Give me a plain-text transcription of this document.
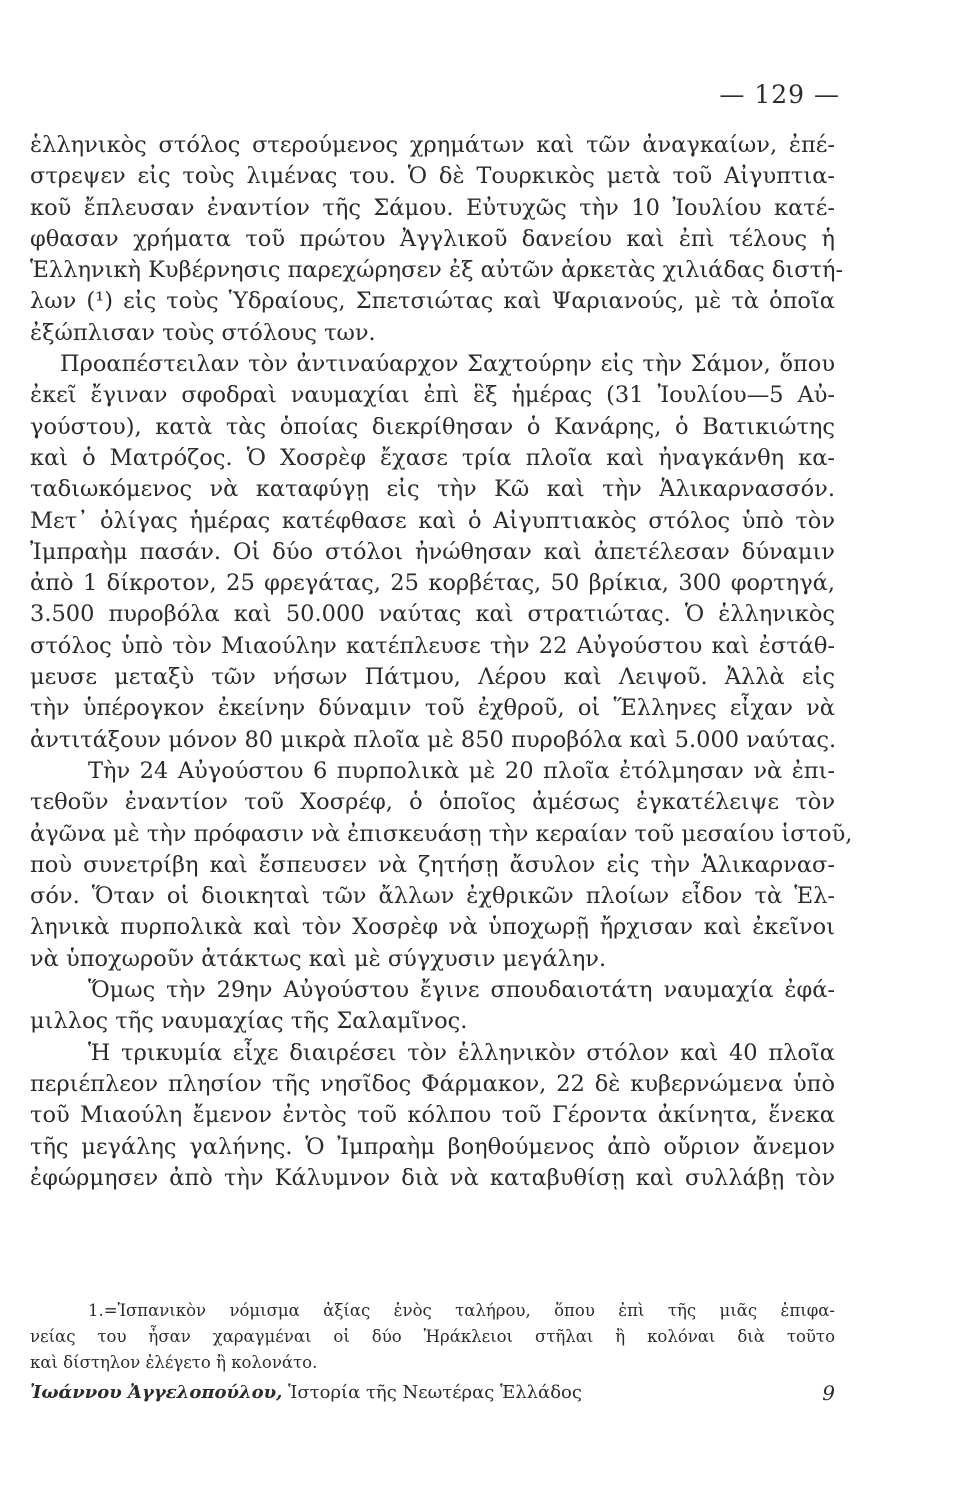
— 129 —
ἑλληνικὸς στόλος στερούμενος χρημάτων καὶ τῶν ἀναγκαίων, ἐπέ-
στρεψεν εἰς τοὺς λιμένας του. Ὁ δὲ Τουρκικὸς μετὰ τοῦ Αἰγυπτια-
κοῦ ἔπλευσαν ἐναντίον τῆς Σάμου. Εὐτυχῶς τὴν 10 Ἰουλίου κατέ-
φθασαν χρήματα τοῦ πρώτου Ἀγγλικοῦ δανείου καὶ ἐπὶ τέλους ἡ
Ἑλληνικὴ Κυβέρνησις παρεχώρησεν ἐξ αὐτῶν ἀρκετὰς χιλιάδας διστή-
λων (¹) εἰς τοὺς Ὑδραίους, Σπετσιώτας καὶ Ψαριανούς, μὲ τὰ ὁποῖα
ἐξώπλισαν τοὺς στόλους των.
Προαπέστειλαν τὸν ἀντιναύαρχον Σαχτούρην εἰς τὴν Σάμον, ὅπου
ἐκεῖ ἔγιναν σφοδραὶ ναυμαχίαι ἐπὶ ἓξ ἡμέρας (31 Ἰουλίου—5 Αὐ-
γούστου), κατὰ τὰς ὁποίας διεκρίθησαν ὁ Κανάρης, ὁ Βατικιώτης
καὶ ὁ Ματρόζος. Ὁ Χοσρὲφ ἔχασε τρία πλοῖα καὶ ἠναγκάνθη κα-
ταδιωκόμενος νὰ καταφύγῃ εἰς τὴν Κῶ καὶ τὴν Ἁλικαρνασσόν.
Μετ᾽ ὀλίγας ἡμέρας κατέφθασε καὶ ὁ Αἰγυπτιακὸς στόλος ὑπὸ τὸν
Ἰμπραὴμ πασάν. Οἱ δύο στόλοι ἠνώθησαν καὶ ἀπετέλεσαν δύναμιν
ἀπὸ 1 δίκροτον, 25 φρεγάτας, 25 κορβέτας, 50 βρίκια, 300 φορτηγά,
3.500 πυροβόλα καὶ 50.000 ναύτας καὶ στρατιώτας. Ὁ ἑλληνικὸς
στόλος ὑπὸ τὸν Μιαούλην κατέπλευσε τὴν 22 Αὐγούστου καὶ ἐστάθ-
μευσε μεταξὺ τῶν νήσων Πάτμου, Λέρου καὶ Λειψοῦ. Ἀλλὰ εἰς
τὴν ὑπέρογκον ἐκείνην δύναμιν τοῦ ἐχθροῦ, οἱ Ἕλληνες εἶχαν νὰ
ἀντιτάξουν μόνον 80 μικρὰ πλοῖα μὲ 850 πυροβόλα καὶ 5.000 ναύτας.
Τὴν 24 Αὐγούστου 6 πυρπολικὰ μὲ 20 πλοῖα ἐτόλμησαν νὰ ἐπι-
τεθοῦν ἐναντίον τοῦ Χοσρέφ, ὁ ὁποῖος ἀμέσως ἐγκατέλειψε τὸν
ἀγῶνα μὲ τὴν πρόφασιν νὰ ἐπισκευάσῃ τὴν κεραίαν τοῦ μεσαίου ἱστοῦ,
ποὺ συνετρίβη καὶ ἔσπευσεν νὰ ζητήσῃ ἄσυλον εἰς τὴν Ἁλικαρνασ-
σόν. Ὅταν οἱ διοικηταὶ τῶν ἄλλων ἐχθρικῶν πλοίων εἶδον τὰ Ἑλ-
ληνικὰ πυρπολικὰ καὶ τὸν Χοσρὲφ νὰ ὑποχωρῇ ἤρχισαν καὶ ἐκεῖνοι
νὰ ὑποχωροῦν ἀτάκτως καὶ μὲ σύγχυσιν μεγάλην.
Ὅμως τὴν 29ην Αὐγούστου ἔγινε σπουδαιοτάτη ναυμαχία ἐφά-
μιλλος τῆς ναυμαχίας τῆς Σαλαμῖνος.
Ἡ τρικυμία εἶχε διαιρέσει τὸν ἑλληνικὸν στόλον καὶ 40 πλοῖα
περιέπλεον πλησίον τῆς νησῖδος Φάρμακον, 22 δὲ κυβερνώμενα ὑπὸ
τοῦ Μιαούλη ἔμενον ἐντὸς τοῦ κόλπου τοῦ Γέροντα ἀκίνητα, ἕνεκα
τῆς μεγάλης γαλήνης. Ὁ Ἰμπραὴμ βοηθούμενος ἀπὸ οὔριον ἄνεμον
ἐφώρμησεν ἀπὸ τὴν Κάλυμνον διὰ νὰ καταβυθίσῃ καὶ συλλάβῃ τὸν
1.=Ἱσπανικὸν νόμισμα ἀξίας ἑνὸς ταλήρου, ὅπου ἐπὶ τῆς μιᾶς ἐπιφα-
νείας του ἦσαν χαραγμέναι οἱ δύο Ἡράκλειοι στῆλαι ἢ κολόναι διὰ τοῦτο
καὶ δίστηλον ἐλέγετο ἢ κολονάτο.
Ἰωάννου Ἀγγελοπούλου, Ἱστορία τῆς Νεωτέρας Ἑλλάδος	9
